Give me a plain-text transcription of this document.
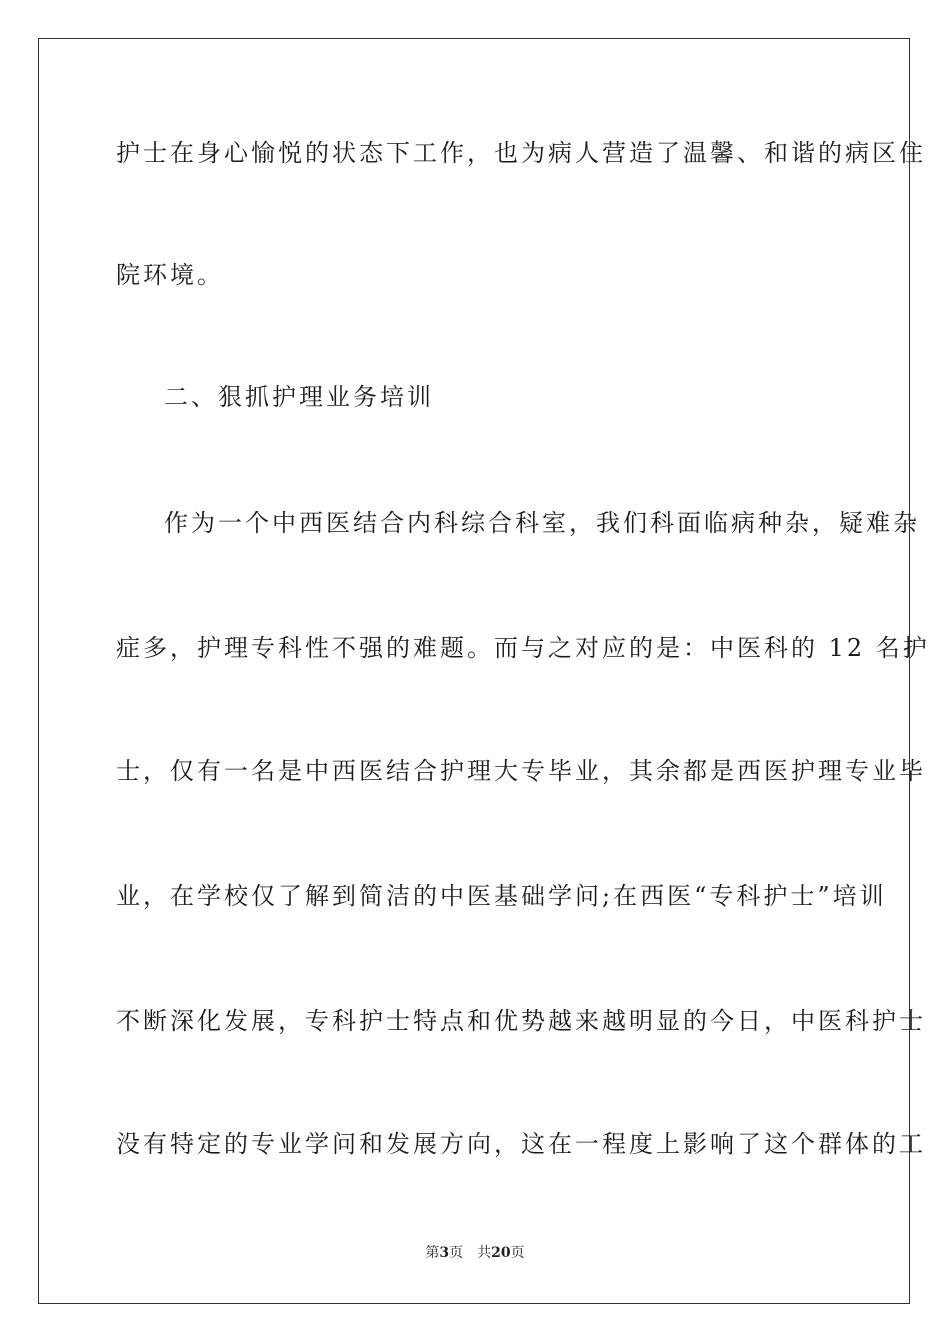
护士在身心愉悦的状态下工作，也为病人营造了温馨、和谐的病区住
院环境。
二、狠抓护理业务培训
作为一个中西医结合内科综合科室，我们科面临病种杂，疑难杂
症多，护理专科性不强的难题。而与之对应的是：中医科的 12 名护
士，仅有一名是中西医结合护理大专毕业，其余都是西医护理专业毕
业，在学校仅了解到简洁的中医基础学问;在西医“专科护士”培训
不断深化发展，专科护士特点和优势越来越明显的今日，中医科护士
没有特定的专业学问和发展方向，这在一程度上影响了这个群体的工
第3页 共20页
